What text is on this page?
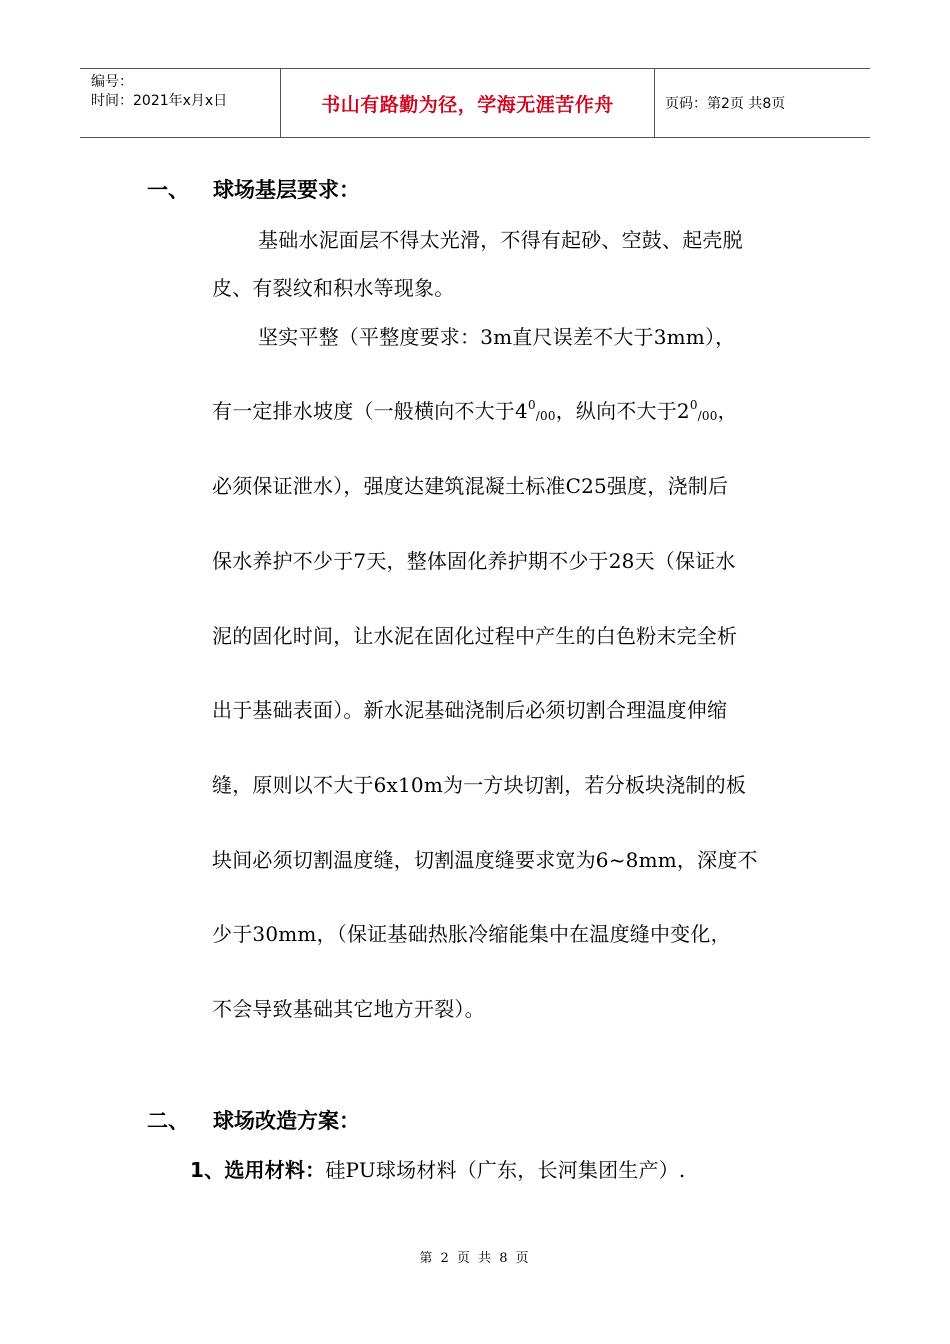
编号：
时间：2021年x月x日	书山有路勤为径，学海无涯苦作舟	页码：第2页 共8页
一、 球场基层要求：
基础水泥面层不得太光滑，不得有起砂、空鼓、起壳脱
皮、有裂纹和积水等现象。
坚实平整（平整度要求：3m直尺误差不大于3mm），
有一定排水坡度（一般横向不大于$4^0_{/00}$，纵向不大于$2^0_{/00}$，
必须保证泄水），强度达建筑混凝土标准C25强度，浇制后
保水养护不少于7天，整体固化养护期不少于28天（保证水
泥的固化时间，让水泥在固化过程中产生的白色粉末完全析
出于基础表面）。新水泥基础浇制后必须切割合理温度伸缩
缝，原则以不大于6x10m为一方块切割，若分板块浇制的板
块间必须切割温度缝，切割温度缝要求宽为6~8mm，深度不
少于30mm，（保证基础热胀冷缩能集中在温度缝中变化，
不会导致基础其它地方开裂）。
二、 球场改造方案：
1、选用材料：硅PU球场材料（广东，长河集团生产）.
第 2 页 共 8 页
